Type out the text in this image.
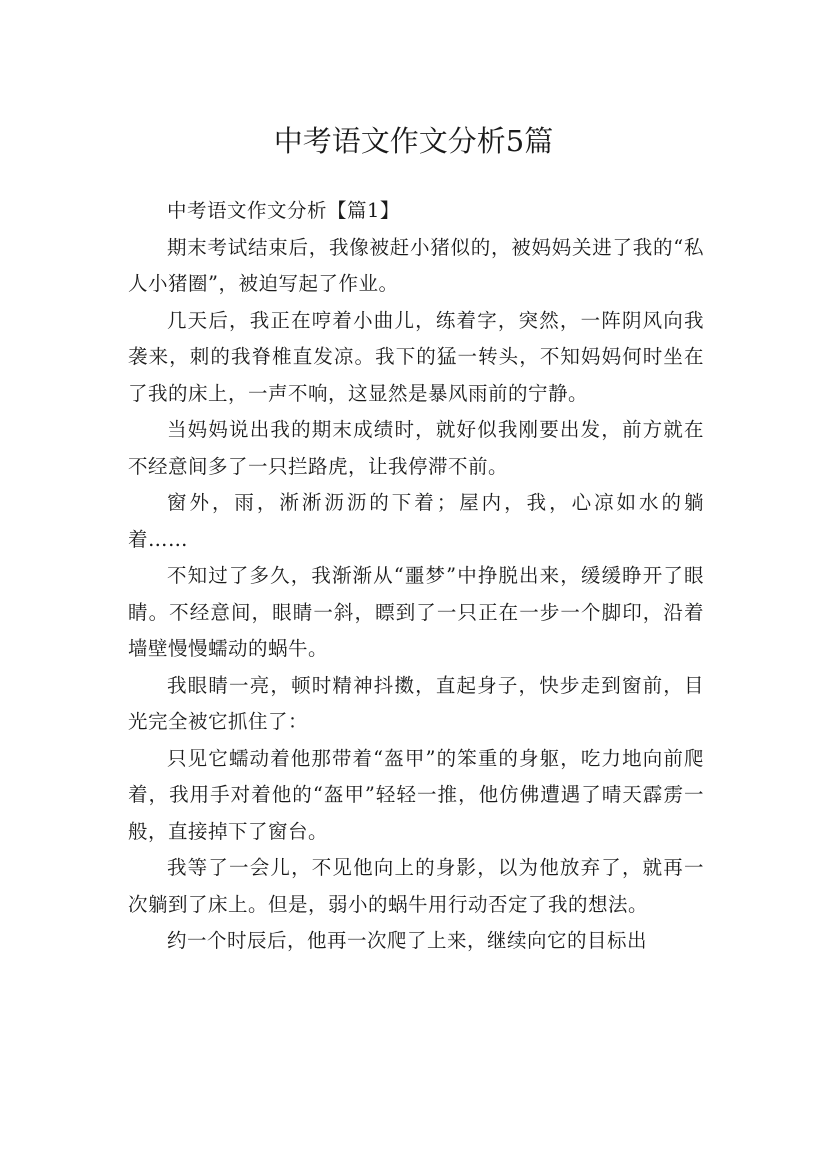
中考语文作文分析5篇

中考语文作文分析【篇1】

期末考试结束后，我像被赶小猪似的，被妈妈关进了我的“私人小猪圈”，被迫写起了作业。

几天后，我正在哼着小曲儿，练着字，突然，一阵阴风向我袭来，刺的我脊椎直发凉。我下的猛一转头，不知妈妈何时坐在了我的床上，一声不响，这显然是暴风雨前的宁静。

当妈妈说出我的期末成绩时，就好似我刚要出发，前方就在不经意间多了一只拦路虎，让我停滞不前。

窗外，雨，淅淅沥沥的下着；屋内，我，心凉如水的躺着……

不知过了多久，我渐渐从“噩梦”中挣脱出来，缓缓睁开了眼睛。不经意间，眼睛一斜，瞟到了一只正在一步一个脚印，沿着墙壁慢慢蠕动的蜗牛。

我眼睛一亮，顿时精神抖擞，直起身子，快步走到窗前，目光完全被它抓住了：

只见它蠕动着他那带着“盔甲”的笨重的身躯，吃力地向前爬着，我用手对着他的“盔甲”轻轻一推，他仿佛遭遇了晴天霹雳一般，直接掉下了窗台。

我等了一会儿，不见他向上的身影，以为他放弃了，就再一次躺到了床上。但是，弱小的蜗牛用行动否定了我的想法。

约一个时辰后，他再一次爬了上来，继续向它的目标出
